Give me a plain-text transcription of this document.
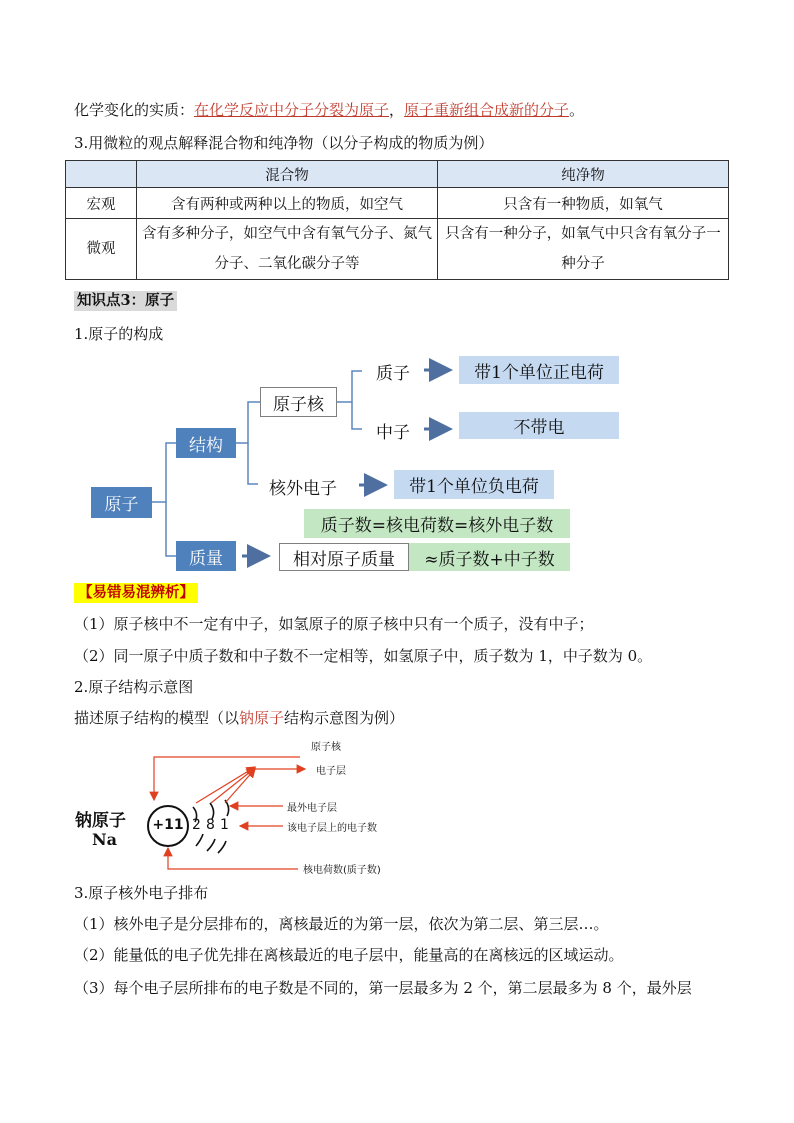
化学变化的实质：在化学反应中分子分裂为原子，原子重新组合成新的分子。
3.用微粒的观点解释混合物和纯净物（以分子构成的物质为例）
	混合物	纯净物
宏观	含有两种或两种以上的物质，如空气	只含有一种物质，如氧气
微观	含有多种分子，如空气中含有氧气分子、氮气分子、二氧化碳分子等	只含有一种分子，如氧气中只含有氧分子一种分子
知识点3：原子
1.原子的构成
原子
结构
质量
原子核
质子
中子
核外电子
带1个单位正电荷
不带电
带1个单位负电荷
质子数=核电荷数=核外电子数
相对原子质量	≈质子数+中子数
【易错易混辨析】
（1）原子核中不一定有中子，如氢原子的原子核中只有一个质子，没有中子；
（2）同一原子中质子数和中子数不一定相等，如氢原子中，质子数为 1，中子数为 0。
2.原子结构示意图
描述原子结构的模型（以钠原子结构示意图为例）
钠原子
Na
+11 2 8 1
原子核
电子层
最外电子层
该电子层上的电子数
核电荷数(质子数)
3.原子核外电子排布
（1）核外电子是分层排布的，离核最近的为第一层，依次为第二层、第三层…。
（2）能量低的电子优先排在离核最近的电子层中，能量高的在离核远的区域运动。
（3）每个电子层所排布的电子数是不同的，第一层最多为 2 个，第二层最多为 8 个，最外层
